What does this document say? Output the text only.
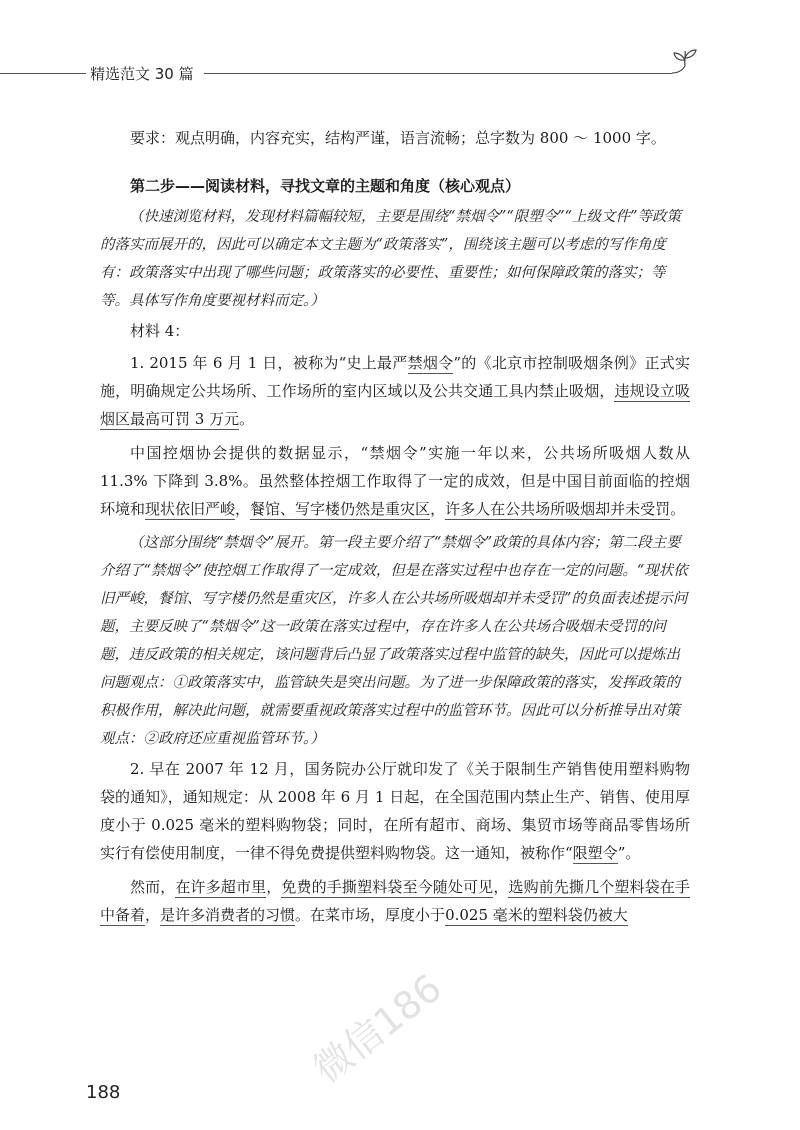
精选范文 30 篇

要求：观点明确，内容充实，结构严谨，语言流畅；总字数为 800 ～ 1000 字。

第二步——阅读材料，寻找文章的主题和角度（核心观点）

（快速浏览材料，发现材料篇幅较短，主要是围绕“禁烟令”“限塑令”“上级文件”等政策的落实而展开的，因此可以确定本文主题为“政策落实”，围绕该主题可以考虑的写作角度有：政策落实中出现了哪些问题；政策落实的必要性、重要性；如何保障政策的落实；等等。具体写作角度要视材料而定。）

材料 4：

1. 2015 年 6 月 1 日，被称为“史上最严禁烟令”的《北京市控制吸烟条例》正式实施，明确规定公共场所、工作场所的室内区域以及公共交通工具内禁止吸烟，违规设立吸烟区最高可罚 3 万元。

中国控烟协会提供的数据显示，“禁烟令”实施一年以来，公共场所吸烟人数从 11.3% 下降到 3.8%。虽然整体控烟工作取得了一定的成效，但是中国目前面临的控烟环境和现状依旧严峻，餐馆、写字楼仍然是重灾区，许多人在公共场所吸烟却并未受罚。

（这部分围绕“禁烟令”展开。第一段主要介绍了“禁烟令”政策的具体内容；第二段主要介绍了“禁烟令”使控烟工作取得了一定成效，但是在落实过程中也存在一定的问题。“现状依旧严峻，餐馆、写字楼仍然是重灾区，许多人在公共场所吸烟却并未受罚”的负面表述提示问题，主要反映了“禁烟令”这一政策在落实过程中，存在许多人在公共场合吸烟未受罚的问题，违反政策的相关规定，该问题背后凸显了政策落实过程中监管的缺失，因此可以提炼出问题观点：①政策落实中，监管缺失是突出问题。为了进一步保障政策的落实，发挥政策的积极作用，解决此问题，就需要重视政策落实过程中的监管环节。因此可以分析推导出对策观点：②政府还应重视监管环节。）

2. 早在 2007 年 12 月，国务院办公厅就印发了《关于限制生产销售使用塑料购物袋的通知》，通知规定：从 2008 年 6 月 1 日起，在全国范围内禁止生产、销售、使用厚度小于 0.025 毫米的塑料购物袋；同时，在所有超市、商场、集贸市场等商品零售场所实行有偿使用制度，一律不得免费提供塑料购物袋。这一通知，被称作“限塑令”。

然而，在许多超市里，免费的手撕塑料袋至今随处可见，选购前先撕几个塑料袋在手中备着，是许多消费者的习惯。在菜市场，厚度小于0.025 毫米的塑料袋仍被大

188
微信186
